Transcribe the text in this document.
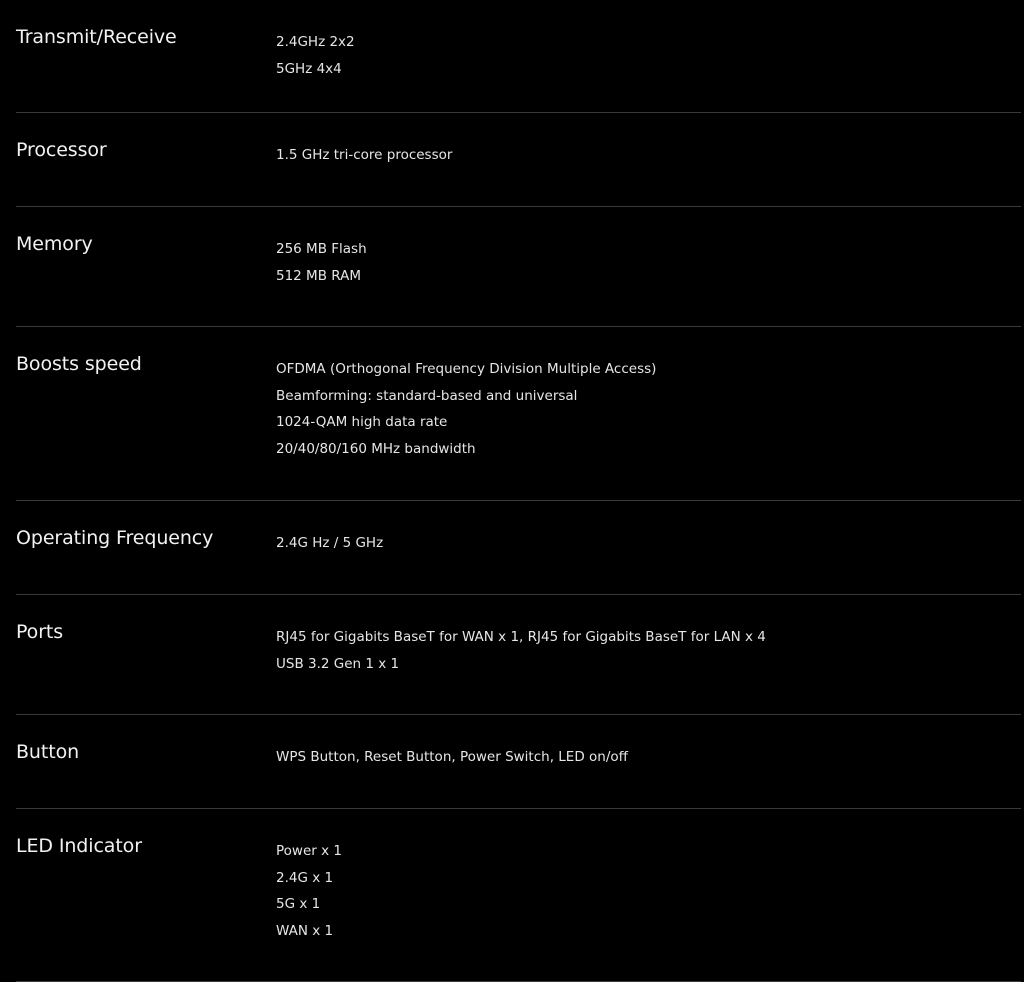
Transmit/Receive	2.4GHz 2x2
5GHz 4x4
Processor	1.5 GHz tri-core processor
Memory	256 MB Flash
512 MB RAM
Boosts speed	OFDMA (Orthogonal Frequency Division Multiple Access)
Beamforming: standard-based and universal
1024-QAM high data rate
20/40/80/160 MHz bandwidth
Operating Frequency	2.4G Hz / 5 GHz
Ports	RJ45 for Gigabits BaseT for WAN x 1, RJ45 for Gigabits BaseT for LAN x 4
USB 3.2 Gen 1 x 1
Button	WPS Button, Reset Button, Power Switch, LED on/off
LED Indicator	Power x 1
2.4G x 1
5G x 1
WAN x 1
